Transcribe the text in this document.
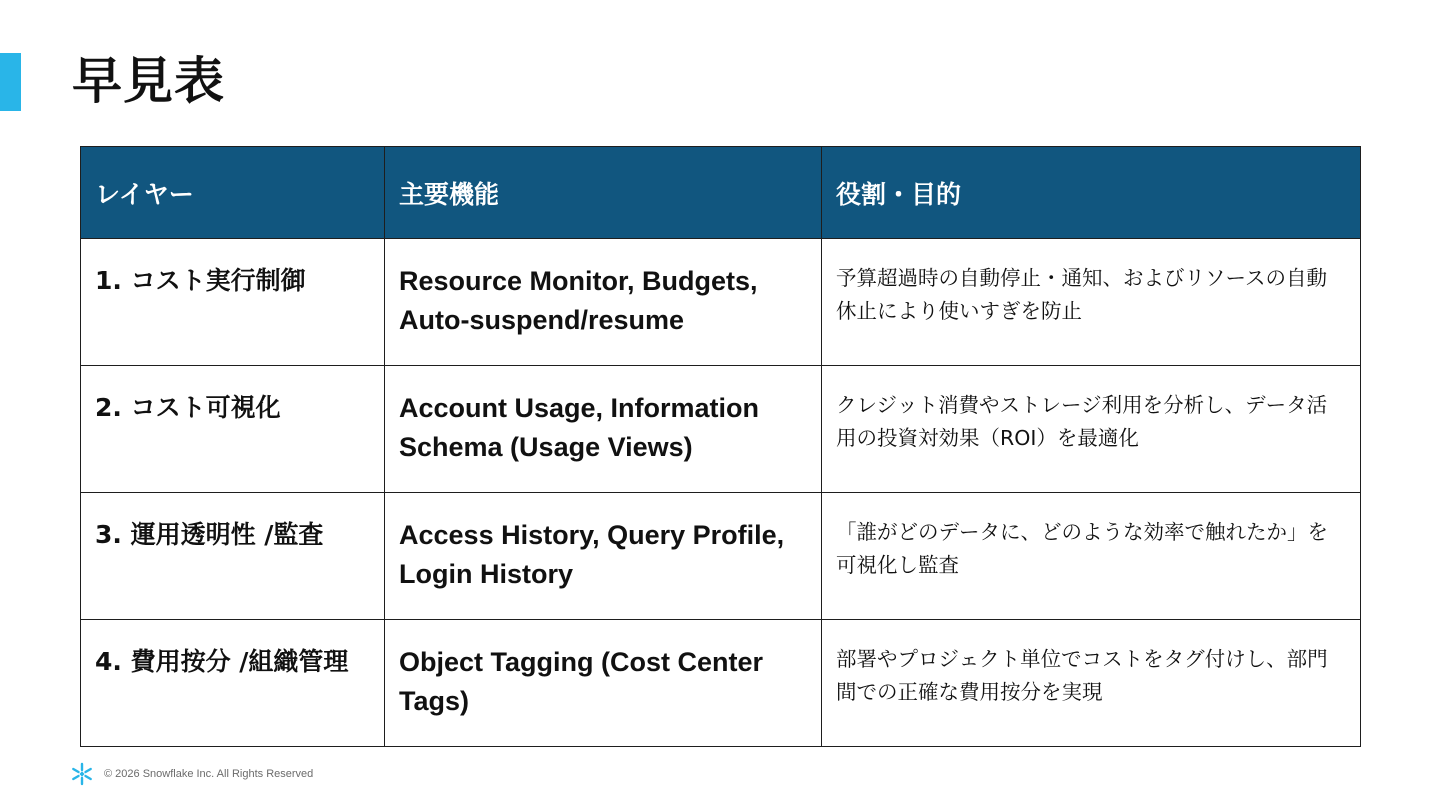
早見表
レイヤー	主要機能	役割・目的
1. コスト実行制御	Resource Monitor, Budgets, Auto-suspend/resume	予算超過時の自動停止・通知、およびリソースの自動休止により使いすぎを防止
2. コスト可視化	Account Usage, Information Schema (Usage Views)	クレジット消費やストレージ利用を分析し、データ活用の投資対効果（ROI）を最適化
3. 運用透明性 /監査	Access History, Query Profile, Login History	「誰がどのデータに、どのような効率で触れたか」を可視化し監査
4. 費用按分 /組織管理	Object Tagging (Cost Center Tags)	部署やプロジェクト単位でコストをタグ付けし、部門間での正確な費用按分を実現
© 2026 Snowflake Inc. All Rights Reserved
